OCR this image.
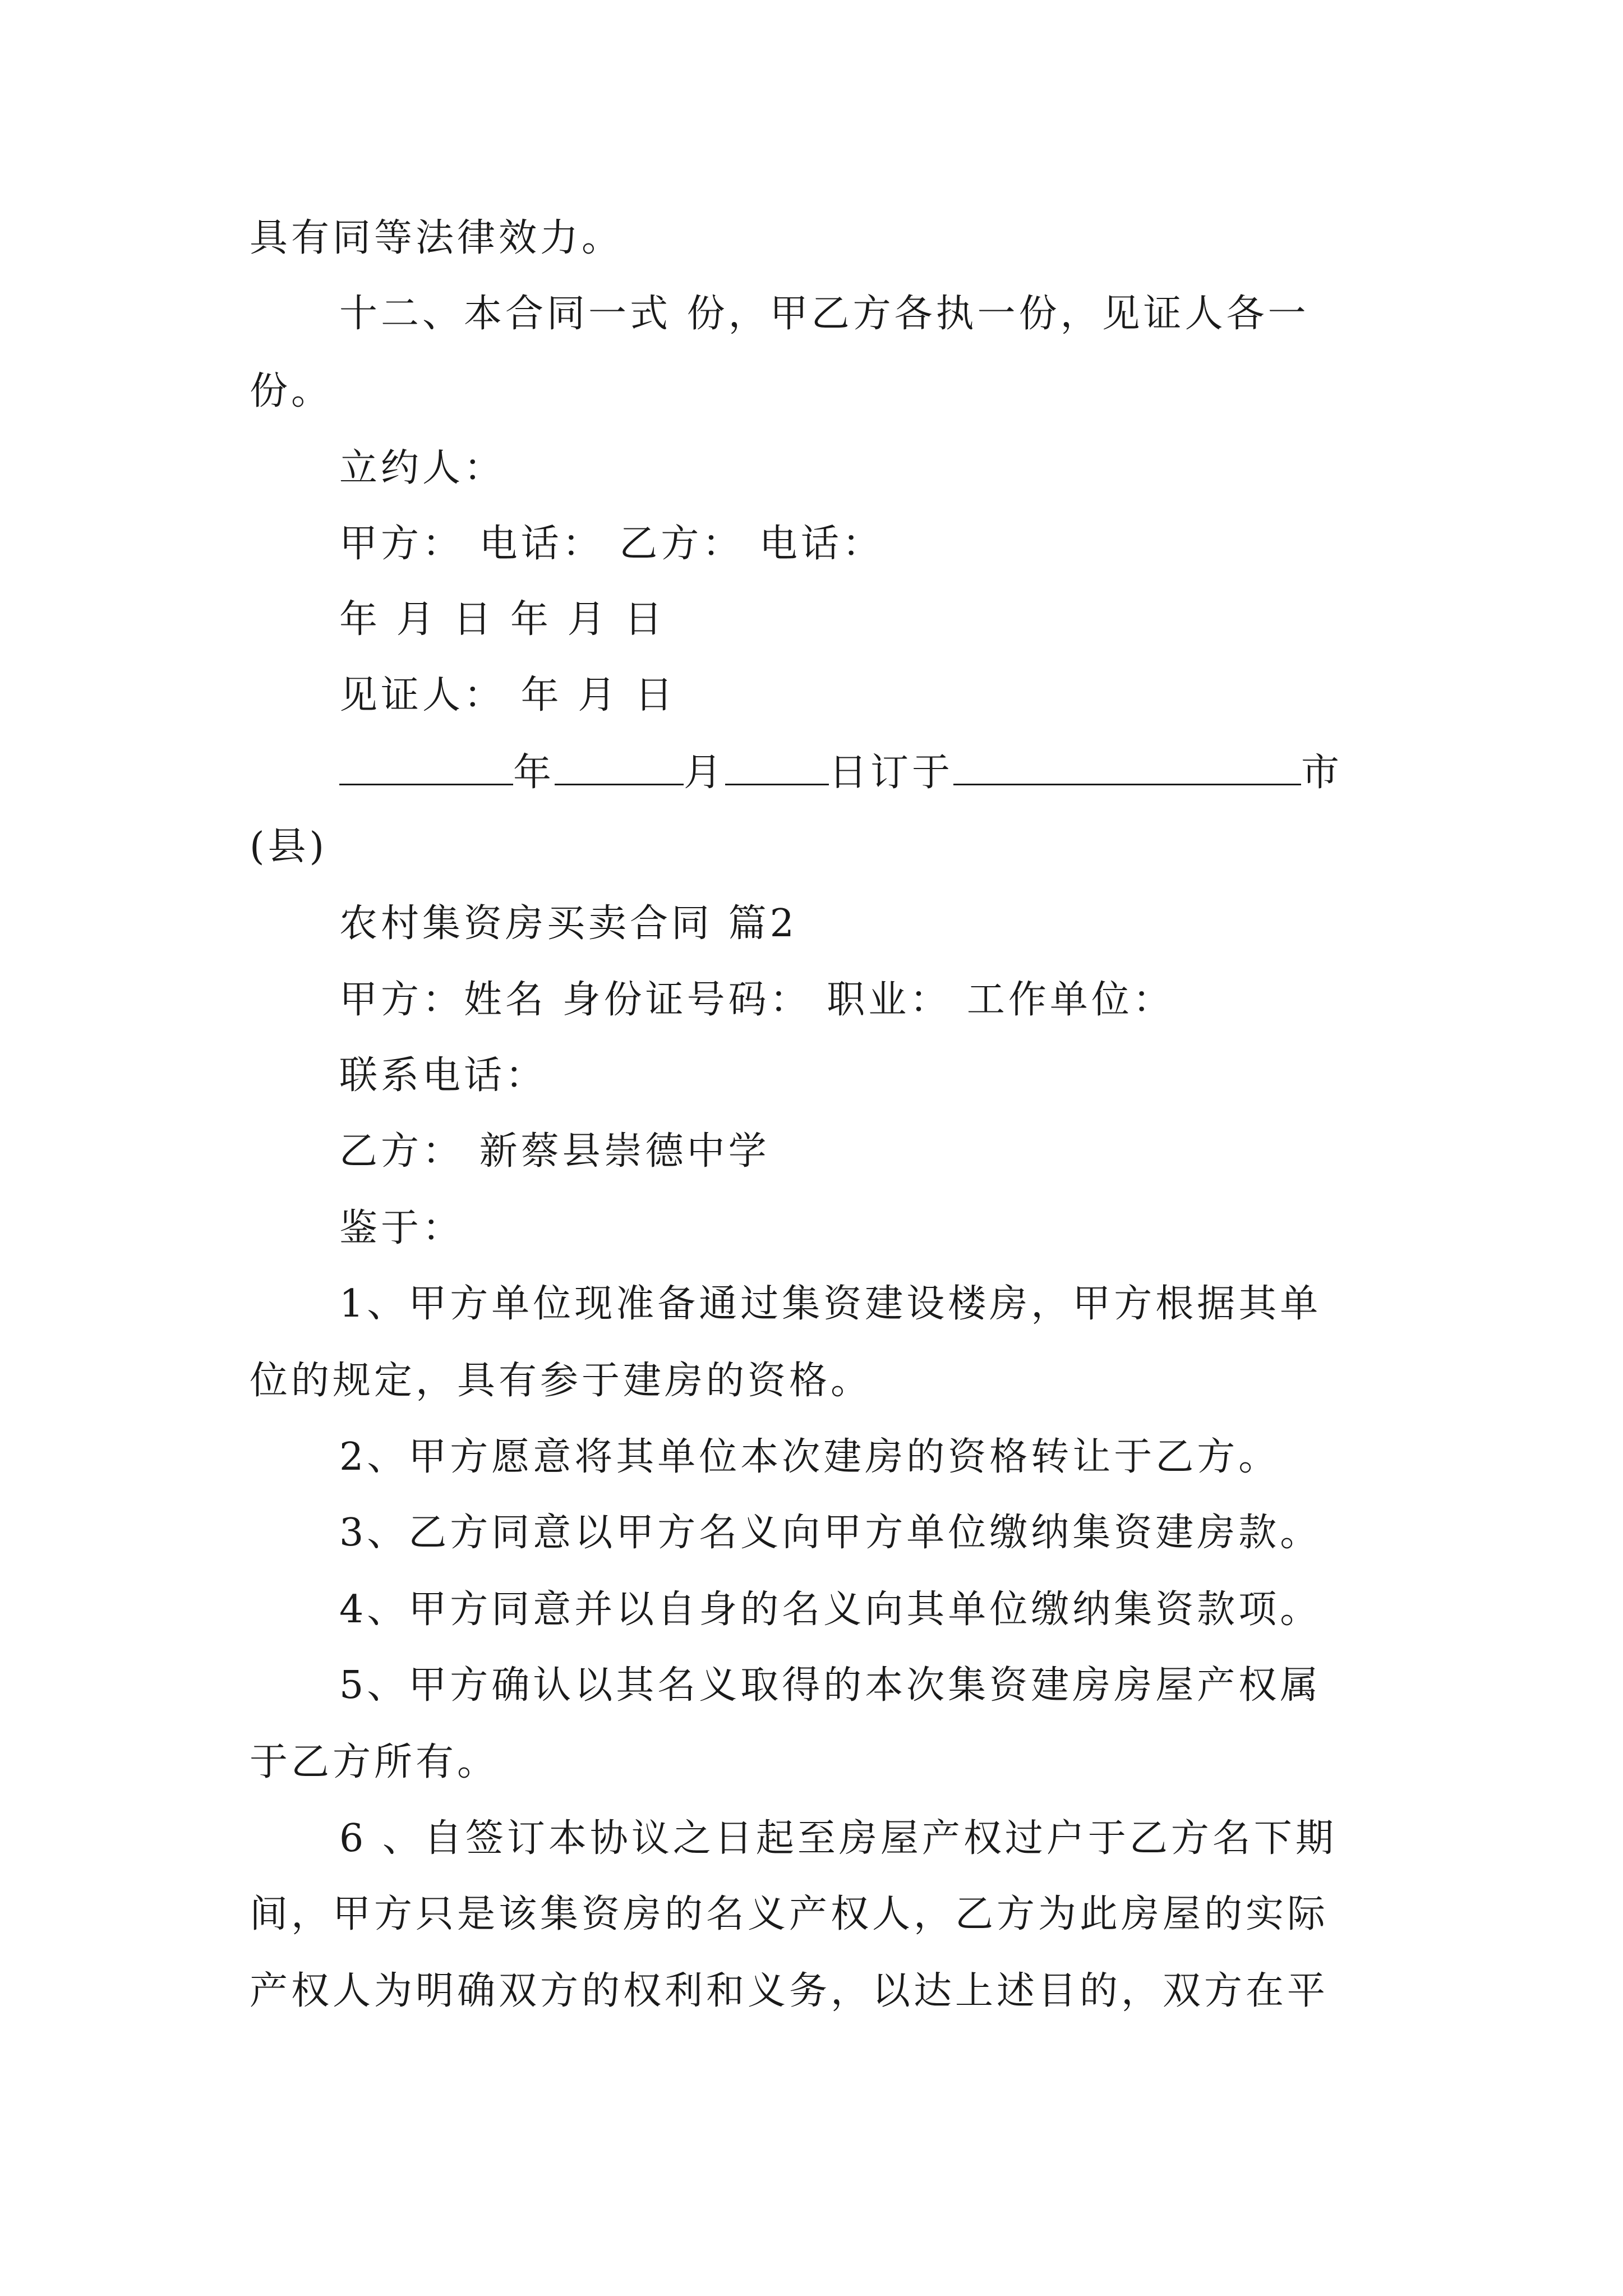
具有同等法律效力。
十二、本合同一式 份，甲乙方各执一份，见证人各一
份。
立约人：
甲方： 电话： 乙方： 电话：
年 月 日 年 月 日
见证人： 年 月 日
年	月	日订于	市
(县)
农村集资房买卖合同 篇2
甲方：姓名 身份证号码： 职业： 工作单位：
联系电话：
乙方： 新蔡县崇德中学
鉴于：
1、甲方单位现准备通过集资建设楼房，甲方根据其单
位的规定，具有参于建房的资格。
2、甲方愿意将其单位本次建房的资格转让于乙方。
3、乙方同意以甲方名义向甲方单位缴纳集资建房款。
4、甲方同意并以自身的名义向其单位缴纳集资款项。
5、甲方确认以其名义取得的本次集资建房房屋产权属
于乙方所有。
6 、自签订本协议之日起至房屋产权过户于乙方名下期
间，甲方只是该集资房的名义产权人，乙方为此房屋的实际
产权人为明确双方的权利和义务，以达上述目的，双方在平
